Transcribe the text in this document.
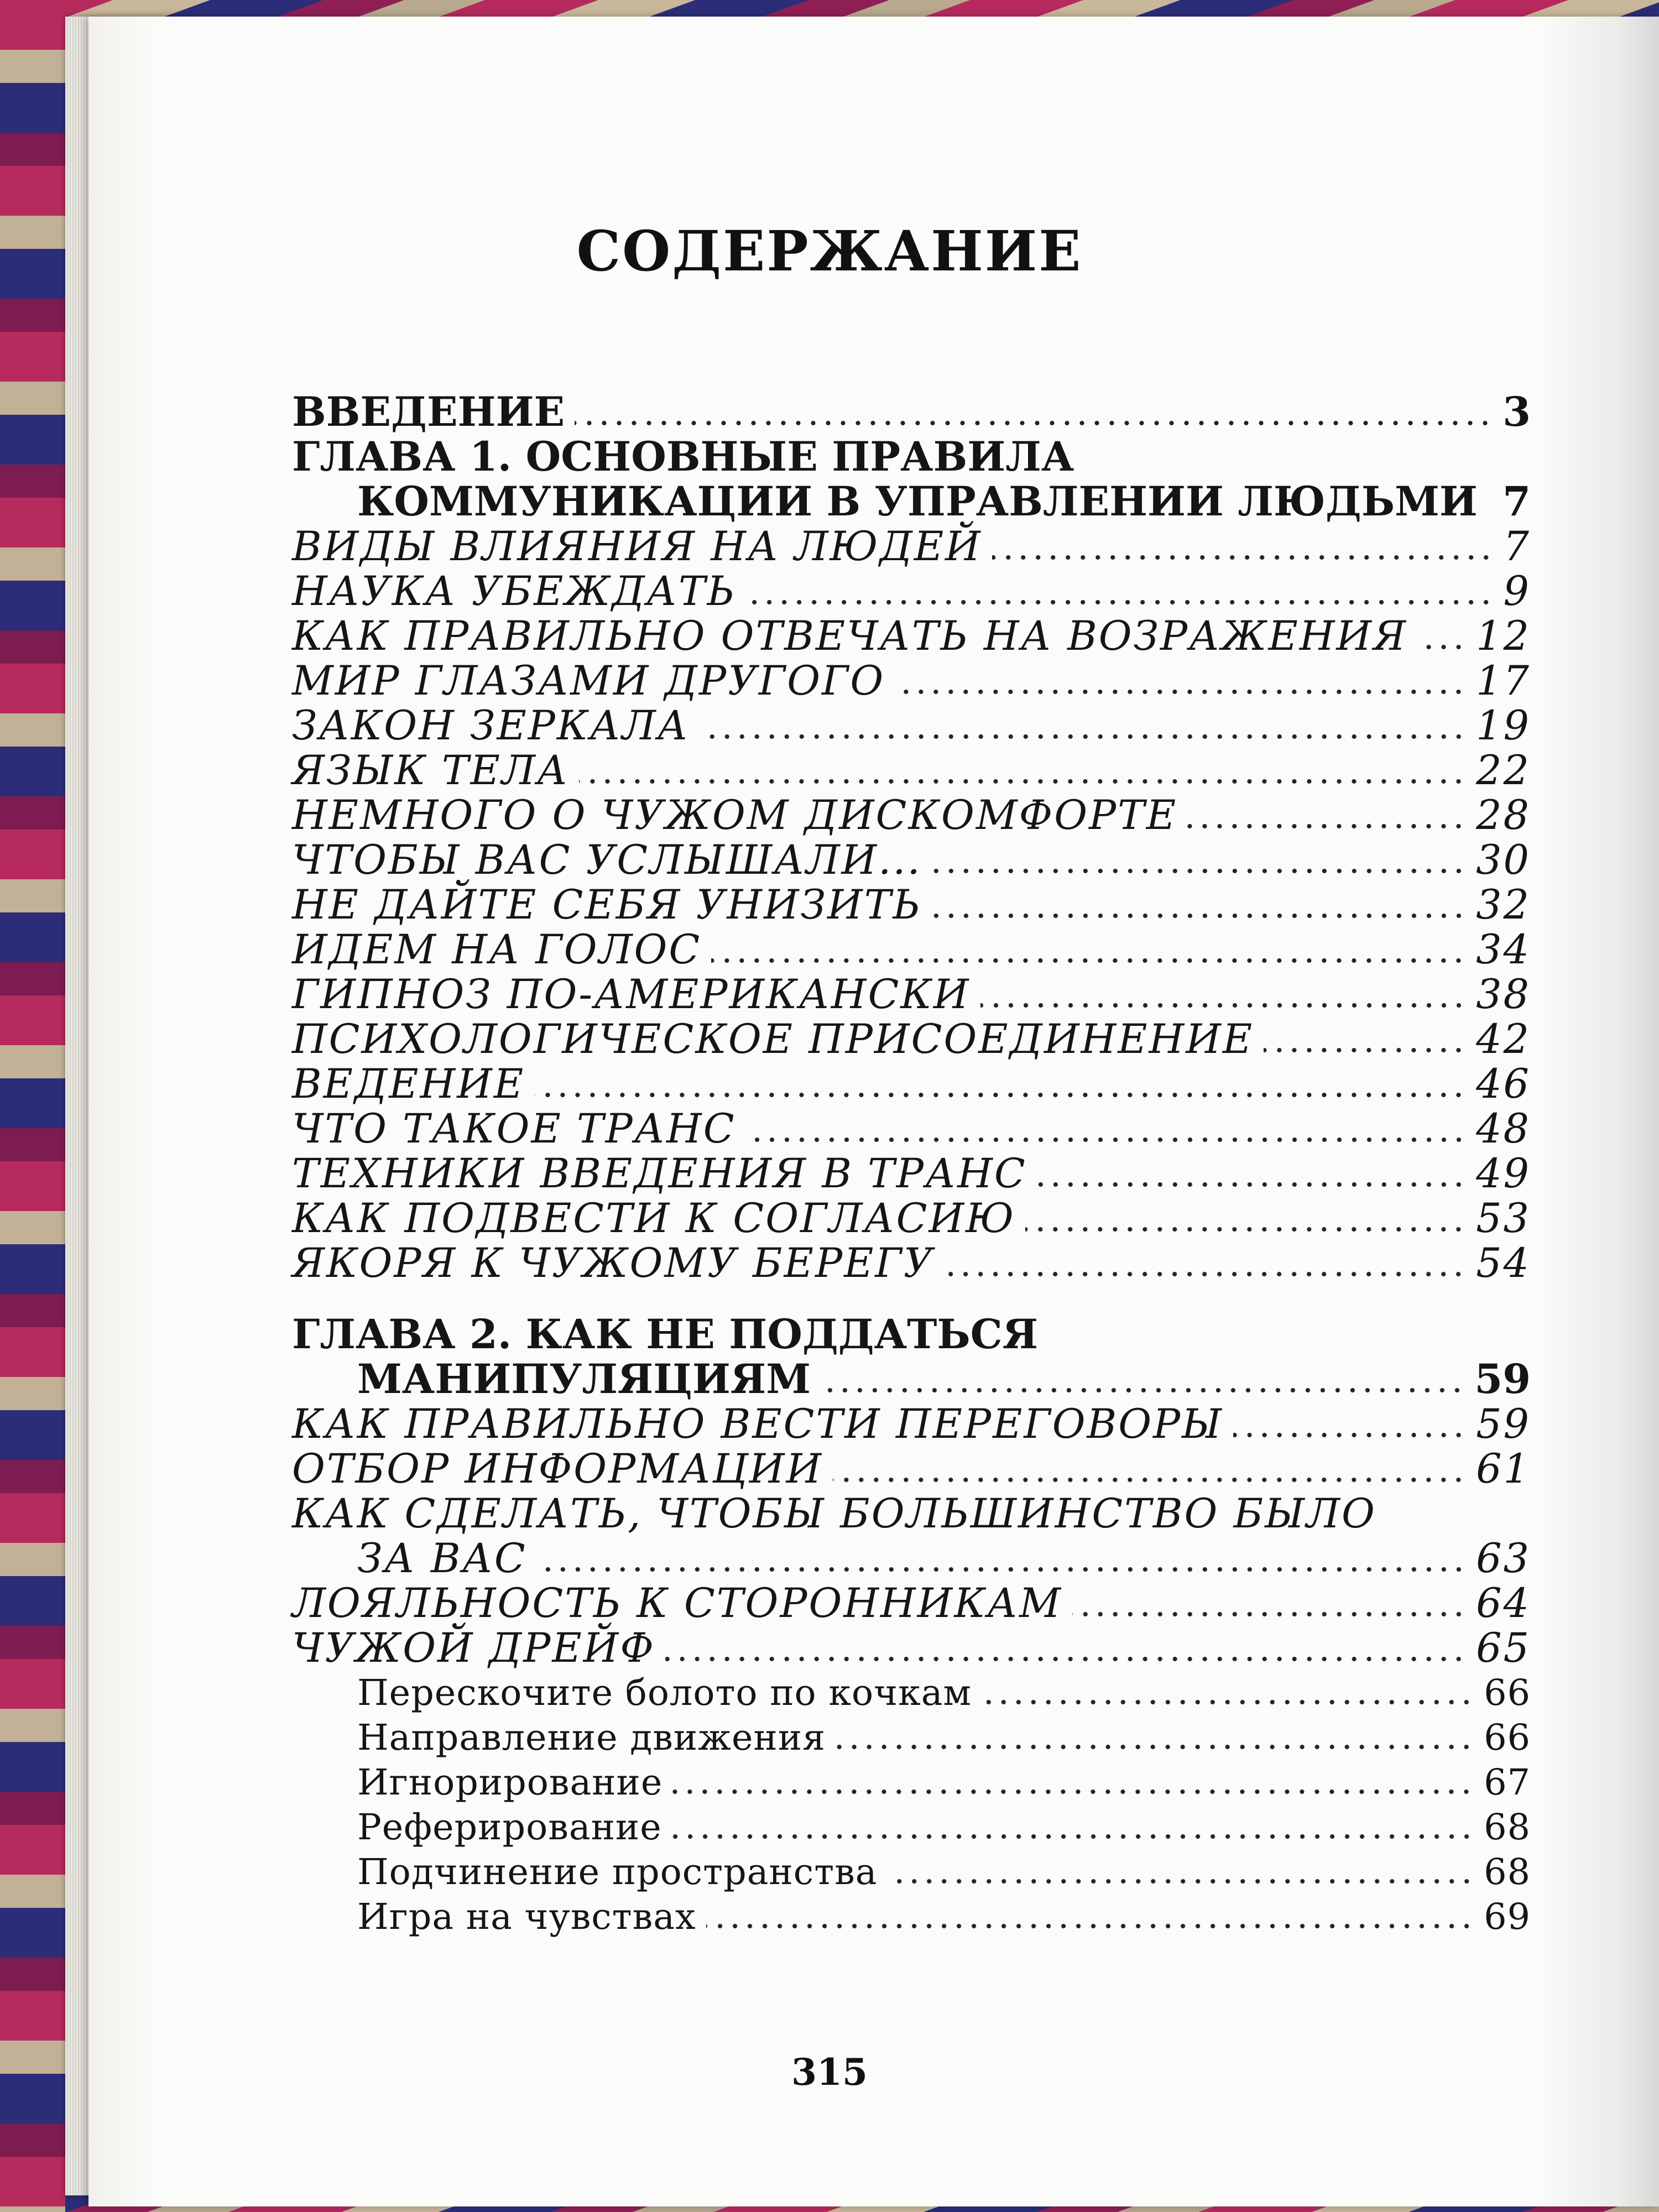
СОДЕРЖАНИЕ
ВВЕДЕНИЕ	3
ГЛАВА 1. ОСНОВНЫЕ ПРАВИЛА
КОММУНИКАЦИИ В УПРАВЛЕНИИ ЛЮДЬМИ 7
ВИДЫ ВЛИЯНИЯ НА ЛЮДЕЙ	7
НАУКА УБЕЖДАТЬ	9
КАК ПРАВИЛЬНО ОТВЕЧАТЬ НА ВОЗРАЖЕНИЯ 12
МИР ГЛАЗАМИ ДРУГОГО	17
ЗАКОН ЗЕРКАЛА	19
ЯЗЫК ТЕЛА	22
НЕМНОГО О ЧУЖОМ ДИСКОМФОРТЕ	28
ЧТОБЫ ВАС УСЛЫШАЛИ...	30
НЕ ДАЙТЕ СЕБЯ УНИЗИТЬ	32
ИДЕМ НА ГОЛОС	34
ГИПНОЗ ПО-АМЕРИКАНСКИ	38
ПСИХОЛОГИЧЕСКОЕ ПРИСОЕДИНЕНИЕ	42
ВЕДЕНИЕ	46
ЧТО ТАКОЕ ТРАНС	48
ТЕХНИКИ ВВЕДЕНИЯ В ТРАНС	49
КАК ПОДВЕСТИ К СОГЛАСИЮ	53
ЯКОРЯ К ЧУЖОМУ БЕРЕГУ	54
ГЛАВА 2. КАК НЕ ПОДДАТЬСЯ
МАНИПУЛЯЦИЯМ	59
КАК ПРАВИЛЬНО ВЕСТИ ПЕРЕГОВОРЫ	59
ОТБОР ИНФОРМАЦИИ	61
КАК СДЕЛАТЬ, ЧТОБЫ БОЛЬШИНСТВО БЫЛО
ЗА ВАС	63
ЛОЯЛЬНОСТЬ К СТОРОННИКАМ	64
ЧУЖОЙ ДРЕЙФ	65
Перескочите болото по кочкам	66
Направление движения	66
Игнорирование	67
Реферирование	68
Подчинение пространства	68
Игра на чувствах	69
315
